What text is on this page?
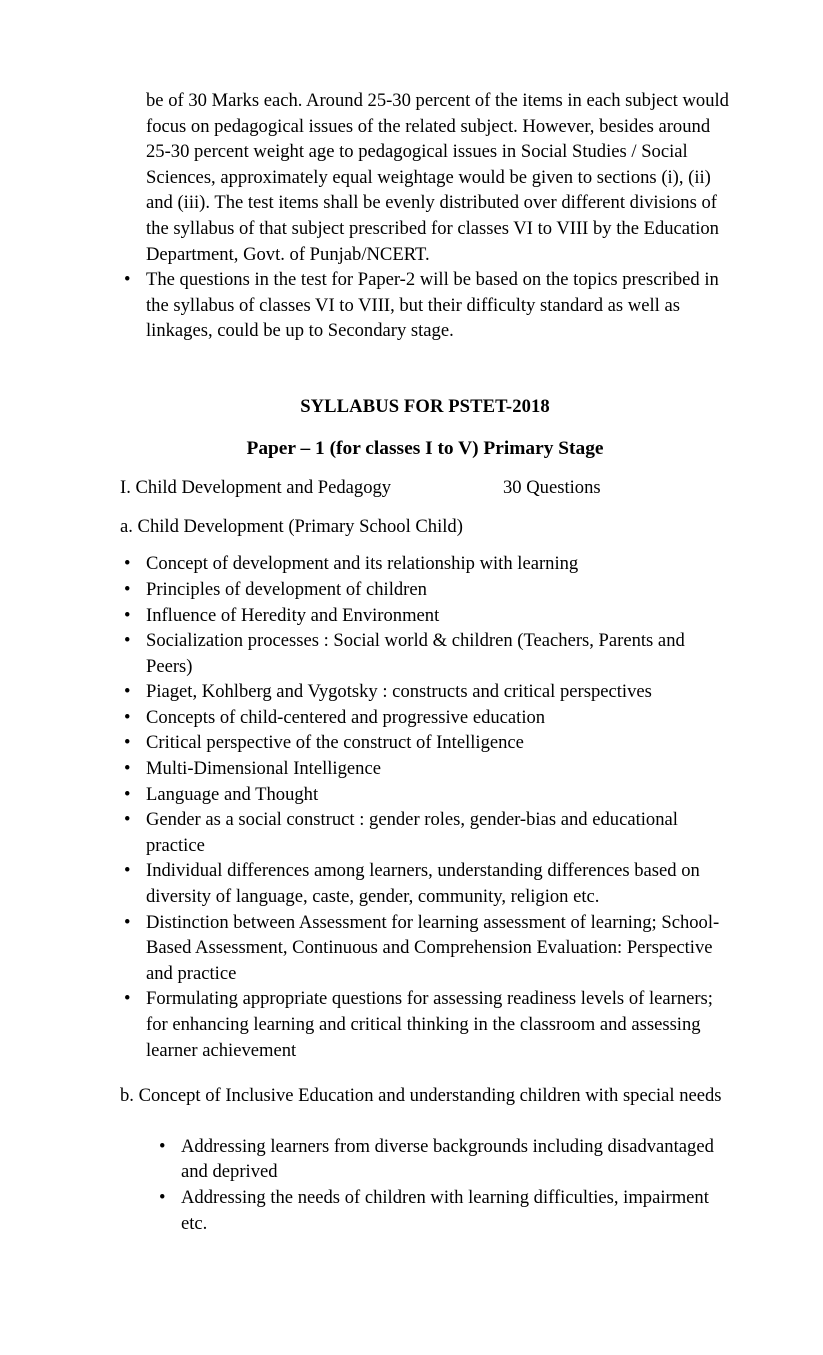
be of 30 Marks each. Around 25-30 percent of the items in each subject would focus on pedagogical issues of the related subject. However, besides around 25-30 percent weight age to pedagogical issues in Social Studies / Social Sciences, approximately equal weightage would be given to sections (i), (ii) and (iii). The test items shall be evenly distributed over different divisions of the syllabus of that subject prescribed for classes VI to VIII by the Education Department, Govt. of Punjab/NCERT.

• The questions in the test for Paper-2 will be based on the topics prescribed in the syllabus of classes VI to VIII, but their difficulty standard as well as linkages, could be up to Secondary stage.

SYLLABUS FOR PSTET-2018

Paper – 1 (for classes I to V) Primary Stage

I. Child Development and Pedagogy	30 Questions

a. Child Development (Primary School Child)

• Concept of development and its relationship with learning
• Principles of development of children
• Influence of Heredity and Environment
• Socialization processes : Social world & children (Teachers, Parents and Peers)
• Piaget, Kohlberg and Vygotsky : constructs and critical perspectives
• Concepts of child-centered and progressive education
• Critical perspective of the construct of Intelligence
• Multi-Dimensional Intelligence
• Language and Thought
• Gender as a social construct : gender roles, gender-bias and educational practice
• Individual differences among learners, understanding differences based on diversity of language, caste, gender, community, religion etc.
• Distinction between Assessment for learning assessment of learning; School-Based Assessment, Continuous and Comprehension Evaluation: Perspective and practice
• Formulating appropriate questions for assessing readiness levels of learners; for enhancing learning and critical thinking in the classroom and assessing learner achievement

b. Concept of Inclusive Education and understanding children with special needs

• Addressing learners from diverse backgrounds including disadvantaged and deprived
• Addressing the needs of children with learning difficulties, impairment etc.
